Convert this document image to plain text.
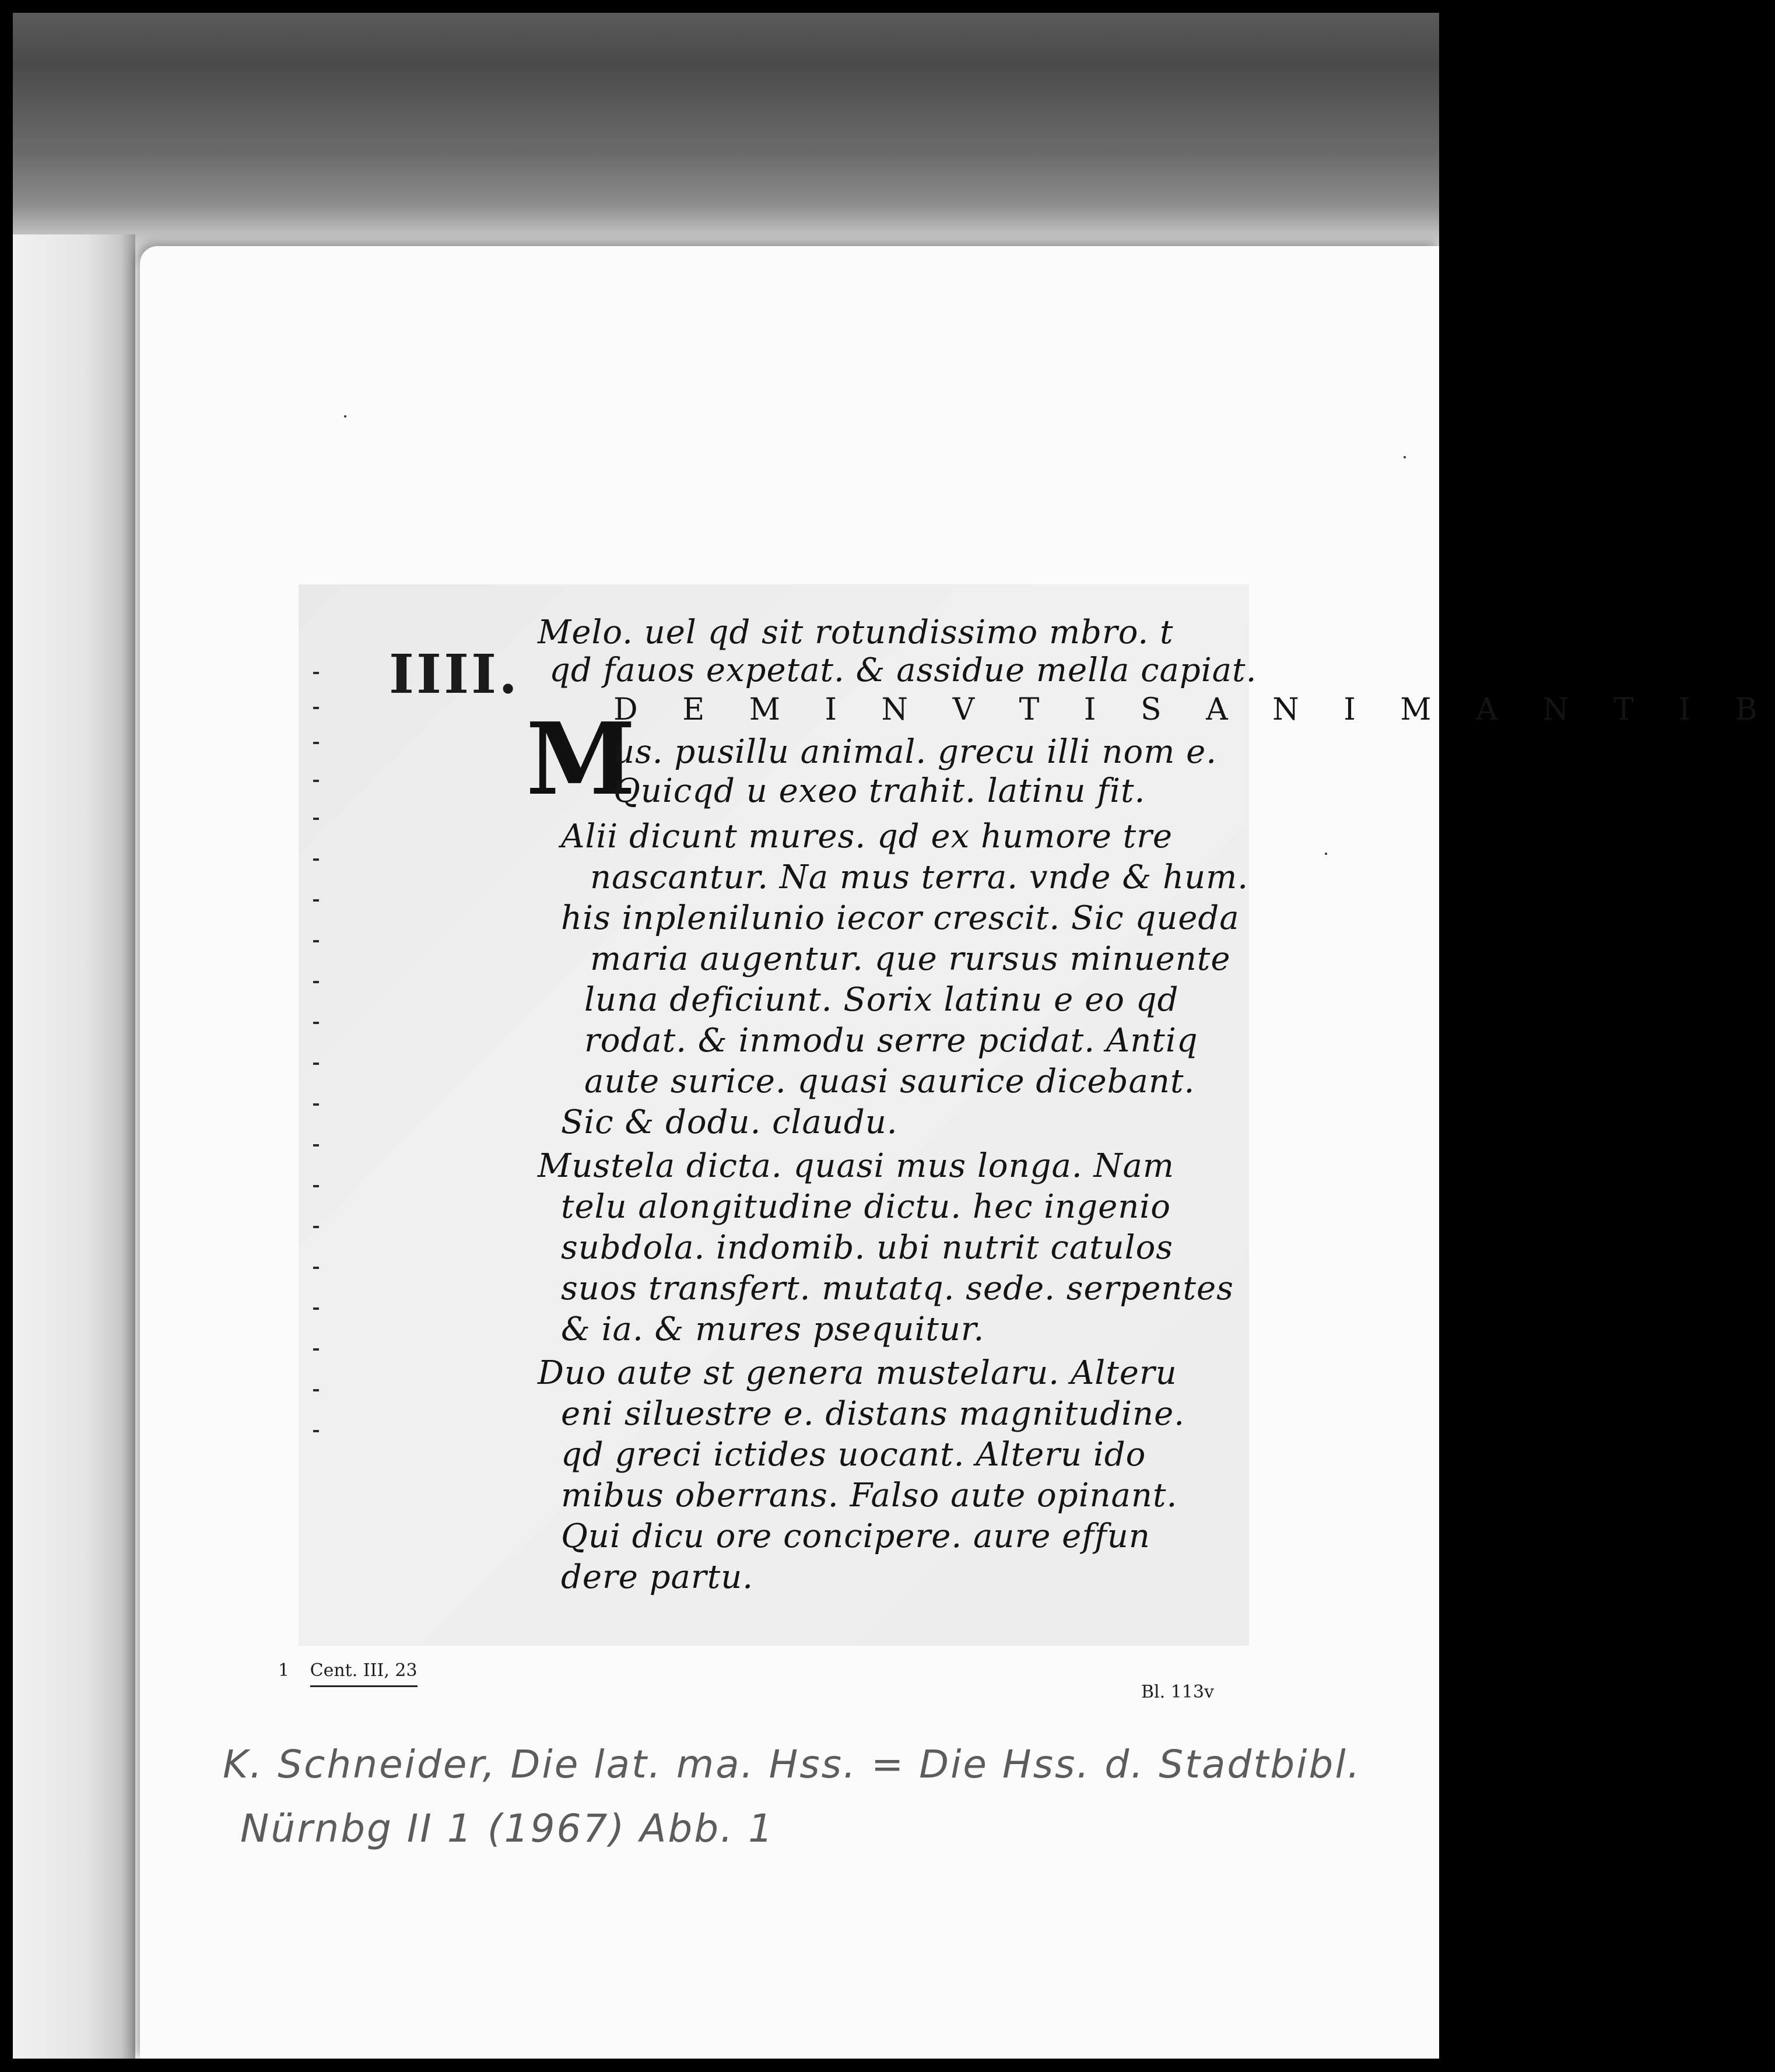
IIII.
M
Melo. uel qd sit rotundissimo mbro. t
qd fauos expetat. & assidue mella capiat.
D E M I N V T I S A N I M A N T I B
us. pusillu animal. grecu illi nom e.
Quicqd u exeo trahit. latinu fit.
Alii dicunt mures. qd ex humore tre
nascantur. Na mus terra. vnde & hum.
his inplenilunio iecor crescit. Sic queda
maria augentur. que rursus minuente
luna deficiunt. Sorix latinu e eo qd
rodat. & inmodu serre pcidat. Antiq
aute surice. quasi saurice dicebant.
Sic & dodu. claudu.
Mustela dicta. quasi mus longa. Nam
telu alongitudine dictu. hec ingenio
subdola. indomib. ubi nutrit catulos
suos transfert. mutatq. sede. serpentes
& ia. & mures psequitur.
Duo aute st genera mustelaru. Alteru
eni siluestre e. distans magnitudine.
qd greci ictides uocant. Alteru ido
mibus oberrans. Falso aute opinant.
Qui dicu ore concipere. aure effun
dere partu.
1 Cent. III, 23
Bl. 113v
K. Schneider, Die lat. ma. Hss. = Die Hss. d. Stadtbibl.
Nürnbg II 1 (1967) Abb. 1
